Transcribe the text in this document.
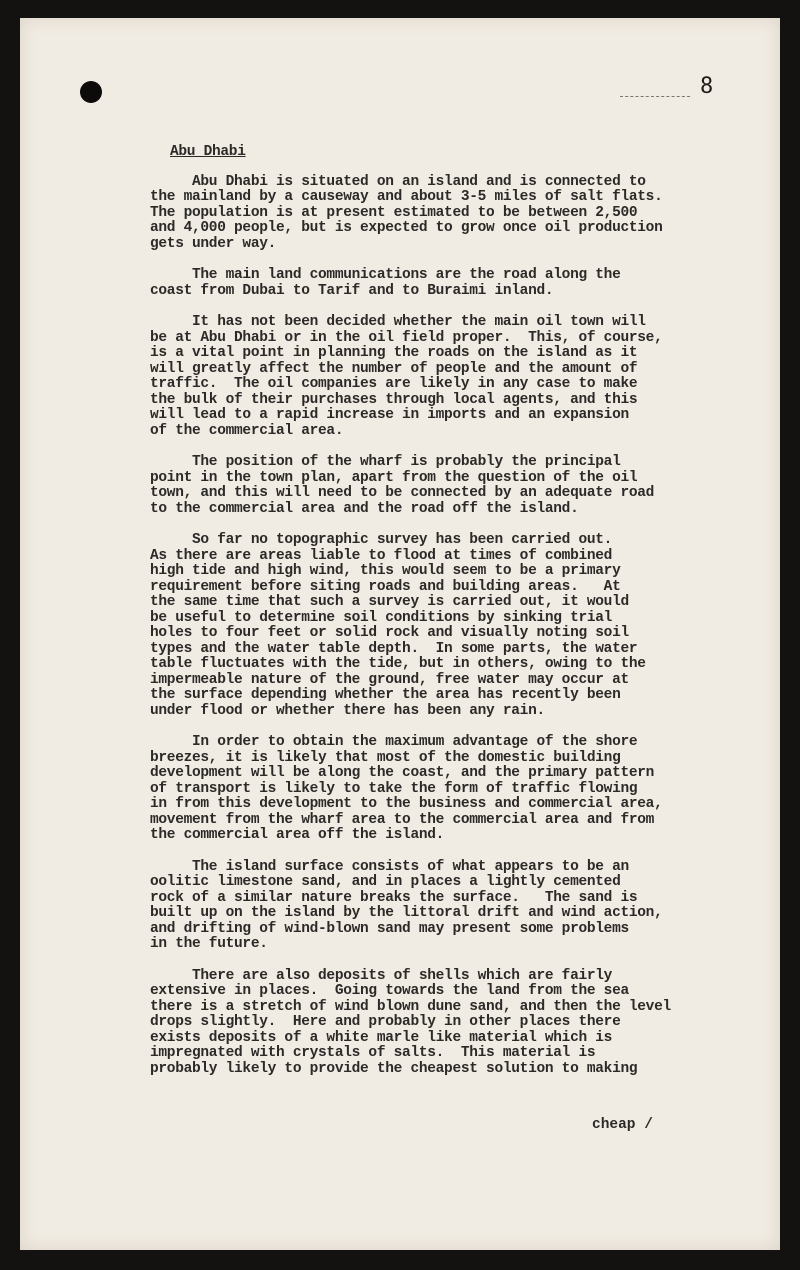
8
Abu Dhabi
Abu Dhabi is situated on an island and is connected to
the mainland by a causeway and about 3-5 miles of salt flats.
The population is at present estimated to be between 2,500
and 4,000 people, but is expected to grow once oil production
gets under way.
The main land communications are the road along the
coast from Dubai to Tarif and to Buraimi inland.
It has not been decided whether the main oil town will
be at Abu Dhabi or in the oil field proper.  This, of course,
is a vital point in planning the roads on the island as it
will greatly affect the number of people and the amount of
traffic.  The oil companies are likely in any case to make
the bulk of their purchases through local agents, and this
will lead to a rapid increase in imports and an expansion
of the commercial area.
The position of the wharf is probably the principal
point in the town plan, apart from the question of the oil
town, and this will need to be connected by an adequate road
to the commercial area and the road off the island.
So far no topographic survey has been carried out.
As there are areas liable to flood at times of combined
high tide and high wind, this would seem to be a primary
requirement before siting roads and building areas.   At
the same time that such a survey is carried out, it would
be useful to determine soil conditions by sinking trial
holes to four feet or solid rock and visually noting soil
types and the water table depth.  In some parts, the water
table fluctuates with the tide, but in others, owing to the
impermeable nature of the ground, free water may occur at
the surface depending whether the area has recently been
under flood or whether there has been any rain.
In order to obtain the maximum advantage of the shore
breezes, it is likely that most of the domestic building
development will be along the coast, and the primary pattern
of transport is likely to take the form of traffic flowing
in from this development to the business and commercial area,
movement from the wharf area to the commercial area and from
the commercial area off the island.
The island surface consists of what appears to be an
oolitic limestone sand, and in places a lightly cemented
rock of a similar nature breaks the surface.   The sand is
built up on the island by the littoral drift and wind action,
and drifting of wind-blown sand may present some problems
in the future.
There are also deposits of shells which are fairly
extensive in places.  Going towards the land from the sea
there is a stretch of wind blown dune sand, and then the level
drops slightly.  Here and probably in other places there
exists deposits of a white marle like material which is
impregnated with crystals of salts.  This material is
probably likely to provide the cheapest solution to making
cheap /
